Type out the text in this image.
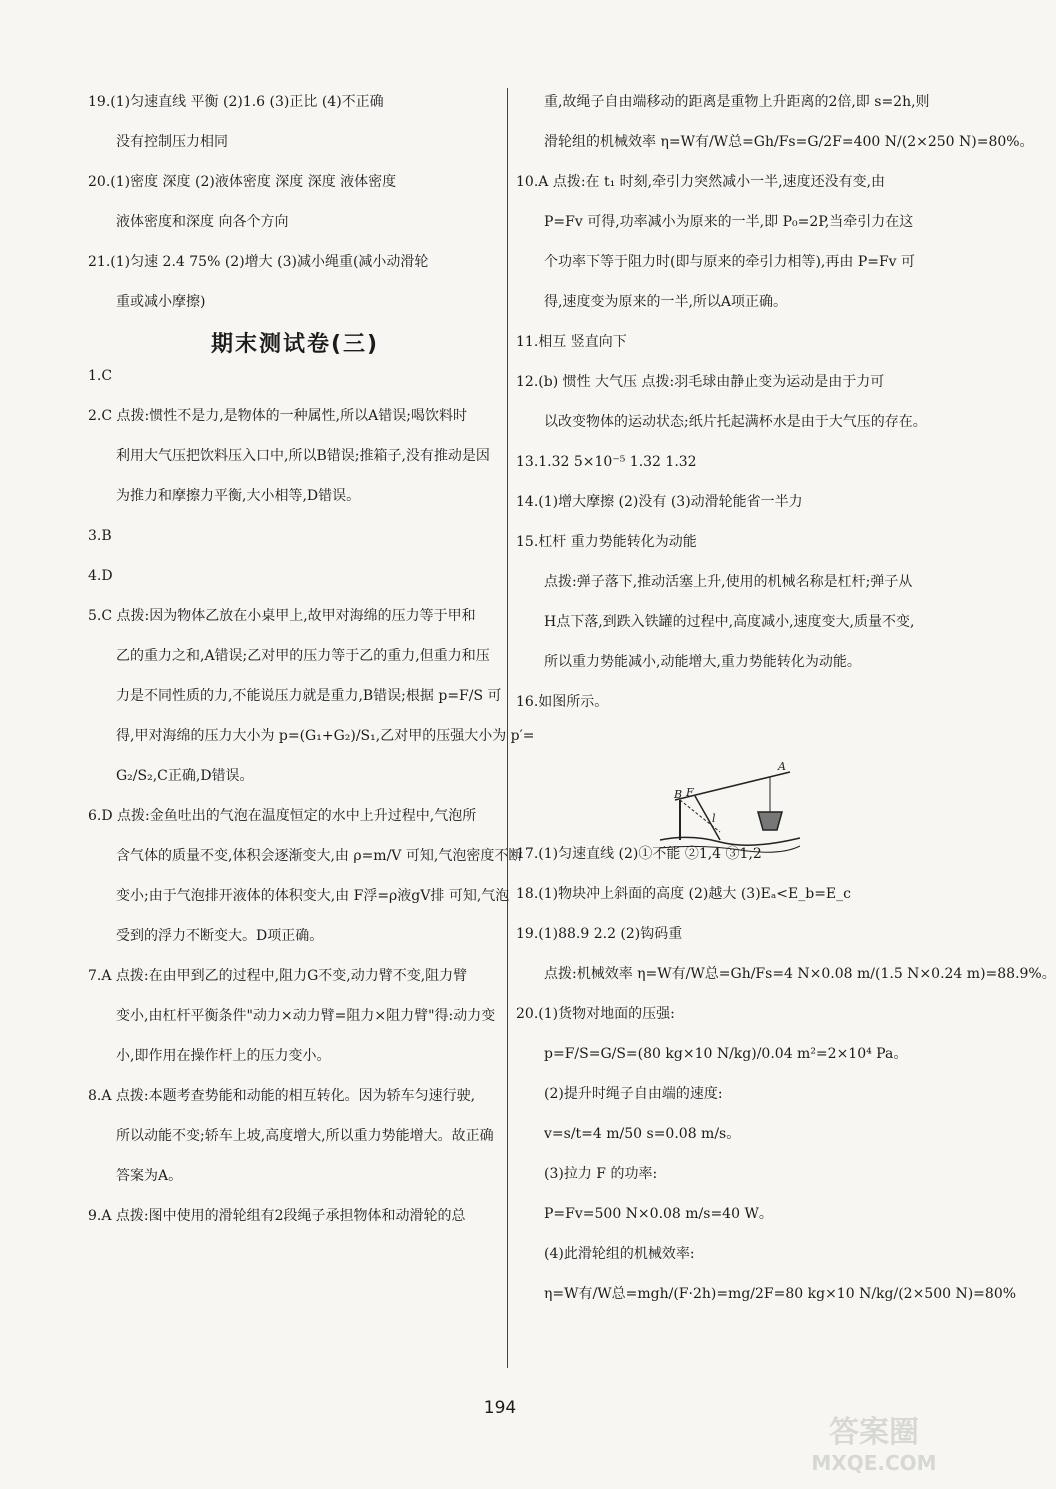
19.(1)匀速直线 平衡 (2)1.6 (3)正比 (4)不正确

没有控制压力相同

20.(1)密度 深度 (2)液体密度 深度 深度 液体密度

液体密度和深度 向各个方向

21.(1)匀速 2.4 75% (2)增大 (3)减小绳重(减小动滑轮

重或减小摩擦)

期末测试卷(三)

1.C

2.C 点拨:惯性不是力,是物体的一种属性,所以A错误;喝饮料时

利用大气压把饮料压入口中,所以B错误;推箱子,没有推动是因

为推力和摩擦力平衡,大小相等,D错误。

3.B

4.D

5.C 点拨:因为物体乙放在小桌甲上,故甲对海绵的压力等于甲和

乙的重力之和,A错误;乙对甲的压力等于乙的重力,但重力和压

力是不同性质的力,不能说压力就是重力,B错误;根据 p=F/S 可

得,甲对海绵的压力大小为 p=(G₁+G₂)/S₁,乙对甲的压强大小为 p′=

G₂/S₂,C正确,D错误。

6.D 点拨:金鱼吐出的气泡在温度恒定的水中上升过程中,气泡所

含气体的质量不变,体积会逐渐变大,由 ρ=m/V 可知,气泡密度不断

变小;由于气泡排开液体的体积变大,由 F浮=ρ液gV排 可知,气泡

受到的浮力不断变大。D项正确。

7.A 点拨:在由甲到乙的过程中,阻力G不变,动力臂不变,阻力臂

变小,由杠杆平衡条件"动力×动力臂=阻力×阻力臂"得:动力变

小,即作用在操作杆上的压力变小。

8.A 点拨:本题考查势能和动能的相互转化。因为轿车匀速行驶,

所以动能不变;轿车上坡,高度增大,所以重力势能增大。故正确

答案为A。

9.A 点拨:图中使用的滑轮组有2段绳子承担物体和动滑轮的总

重,故绳子自由端移动的距离是重物上升距离的2倍,即 s=2h,则

滑轮组的机械效率 η=W有/W总=Gh/Fs=G/2F=400 N/(2×250 N)=80%。

10.A 点拨:在 t₁ 时刻,牵引力突然减小一半,速度还没有变,由

P=Fv 可得,功率减小为原来的一半,即 P₀=2P,当牵引力在这

个功率下等于阻力时(即与原来的牵引力相等),再由 P=Fv 可

得,速度变为原来的一半,所以A项正确。

11.相互 竖直向下

12.(b) 惯性 大气压 点拨:羽毛球由静止变为运动是由于力可

以改变物体的运动状态;纸片托起满杯水是由于大气压的存在。

13.1.32 5×10⁻⁵ 1.32 1.32

14.(1)增大摩擦 (2)没有 (3)动滑轮能省一半力

15.杠杆 重力势能转化为动能

点拨:弹子落下,推动活塞上升,使用的机械名称是杠杆;弹子从

H点下落,到跌入铁罐的过程中,高度减小,速度变大,质量不变,

所以重力势能减小,动能增大,重力势能转化为动能。

16.如图所示。

17.(1)匀速直线 (2)①不能 ②1,4 ③1,2

18.(1)物块冲上斜面的高度 (2)越大 (3)Eₐ<E_b=E_c

19.(1)88.9 2.2 (2)钩码重

点拨:机械效率 η=W有/W总=Gh/Fs=4 N×0.08 m/(1.5 N×0.24 m)=88.9%。

20.(1)货物对地面的压强:

p=F/S=G/S=(80 kg×10 N/kg)/0.04 m²=2×10⁴ Pa。

(2)提升时绳子自由端的速度:

v=s/t=4 m/50 s=0.08 m/s。

(3)拉力 F 的功率:

P=Fv=500 N×0.08 m/s=40 W。

(4)此滑轮组的机械效率:

η=W有/W总=mgh/(F·2h)=mg/2F=80 kg×10 N/kg/(2×500 N)=80%

B F
A
l
194
答案圈
MXQE.COM
